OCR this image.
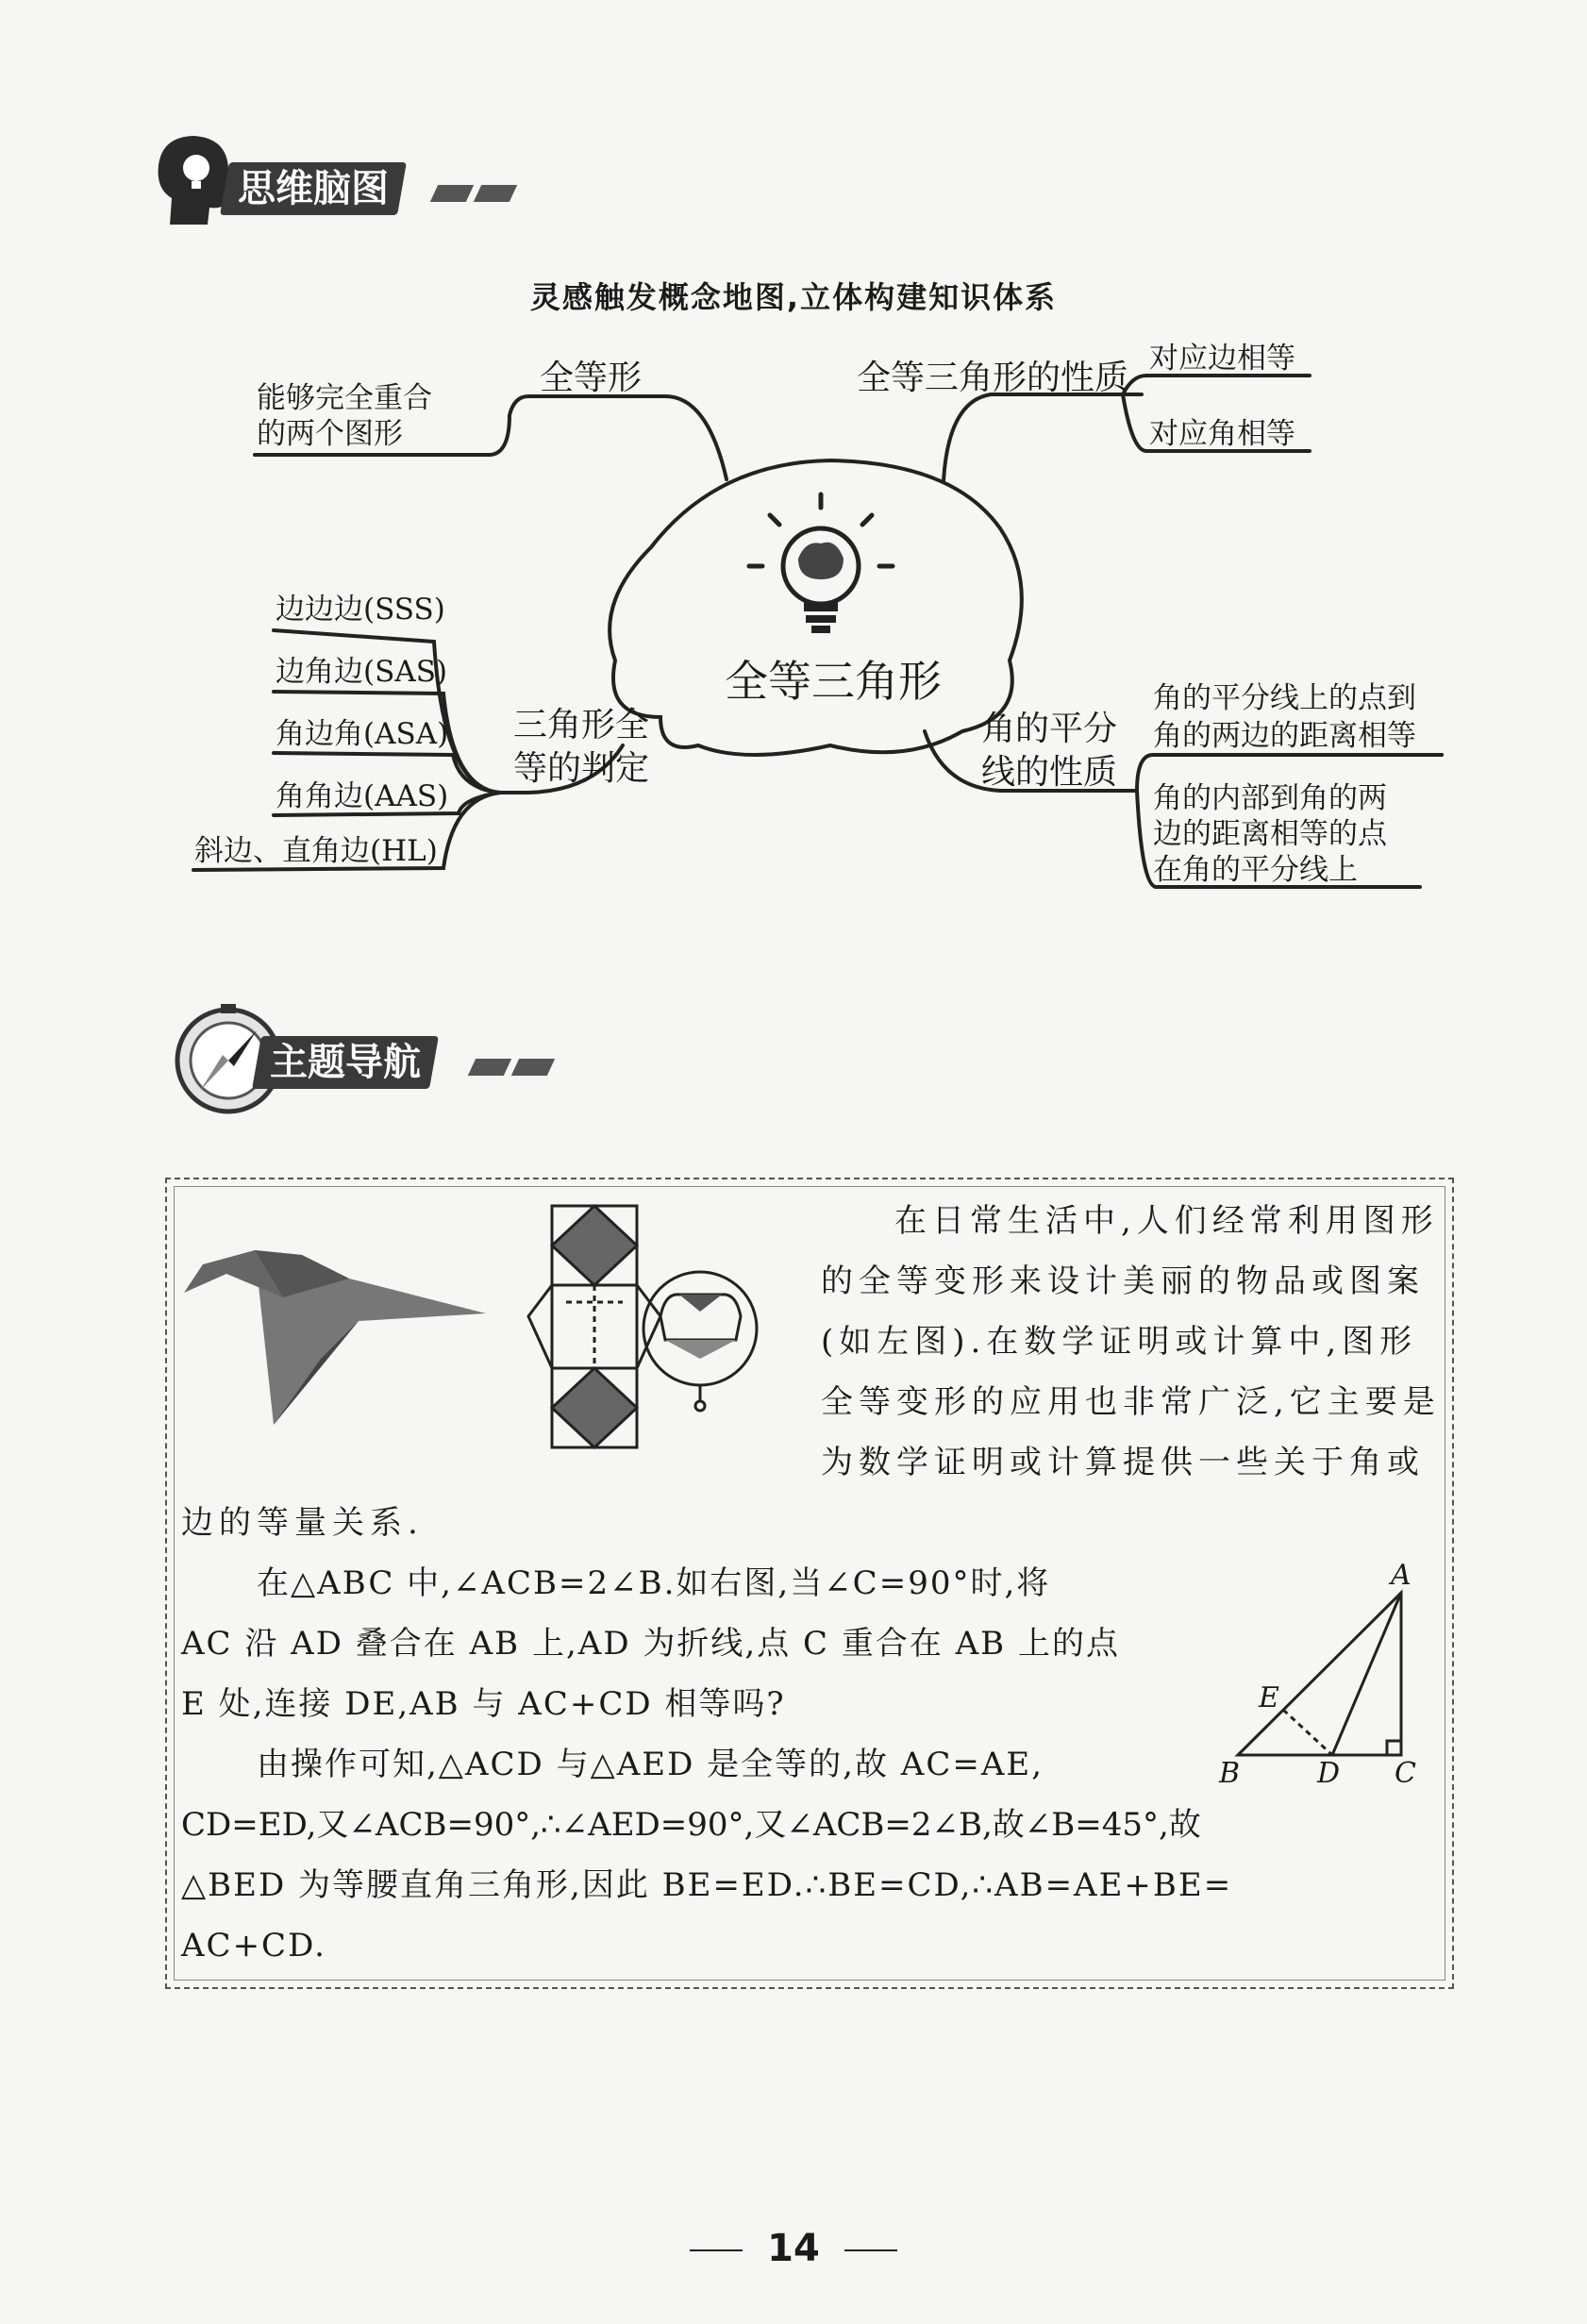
思维脑图
灵感触发概念地图,立体构建知识体系
全等三角形
全等形
能够完全重合
的两个图形
全等三角形的性质 对应边相等
对应角相等
边边边(SSS)
边角边(SAS)
角边角(ASA)
角角边(AAS)
斜边、直角边(HL)
三角形全
等的判定
角的平分
线的性质
角的平分线上的点到
角的两边的距离相等
角的内部到角的两
边的距离相等的点
在角的平分线上
主题导航
在日常生活中,人们经常利用图形
的全等变形来设计美丽的物品或图案
(如左图).在数学证明或计算中,图形
全等变形的应用也非常广泛,它主要是
为数学证明或计算提供一些关于角或
边的等量关系.
在△ABC 中,∠ACB=2∠B.如右图,当∠C=90°时,将
AC 沿 AD 叠合在 AB 上,AD 为折线,点 C 重合在 AB 上的点
E 处,连接 DE,AB 与 AC+CD 相等吗?
A
E
B	D C
由操作可知,△ACD 与△AED 是全等的,故 AC=AE,
CD=ED,又∠ACB=90°,∴∠AED=90°,又∠ACB=2∠B,故∠B=45°,故
△BED 为等腰直角三角形,因此 BE=ED.∴BE=CD,∴AB=AE+BE=
AC+CD.
14
